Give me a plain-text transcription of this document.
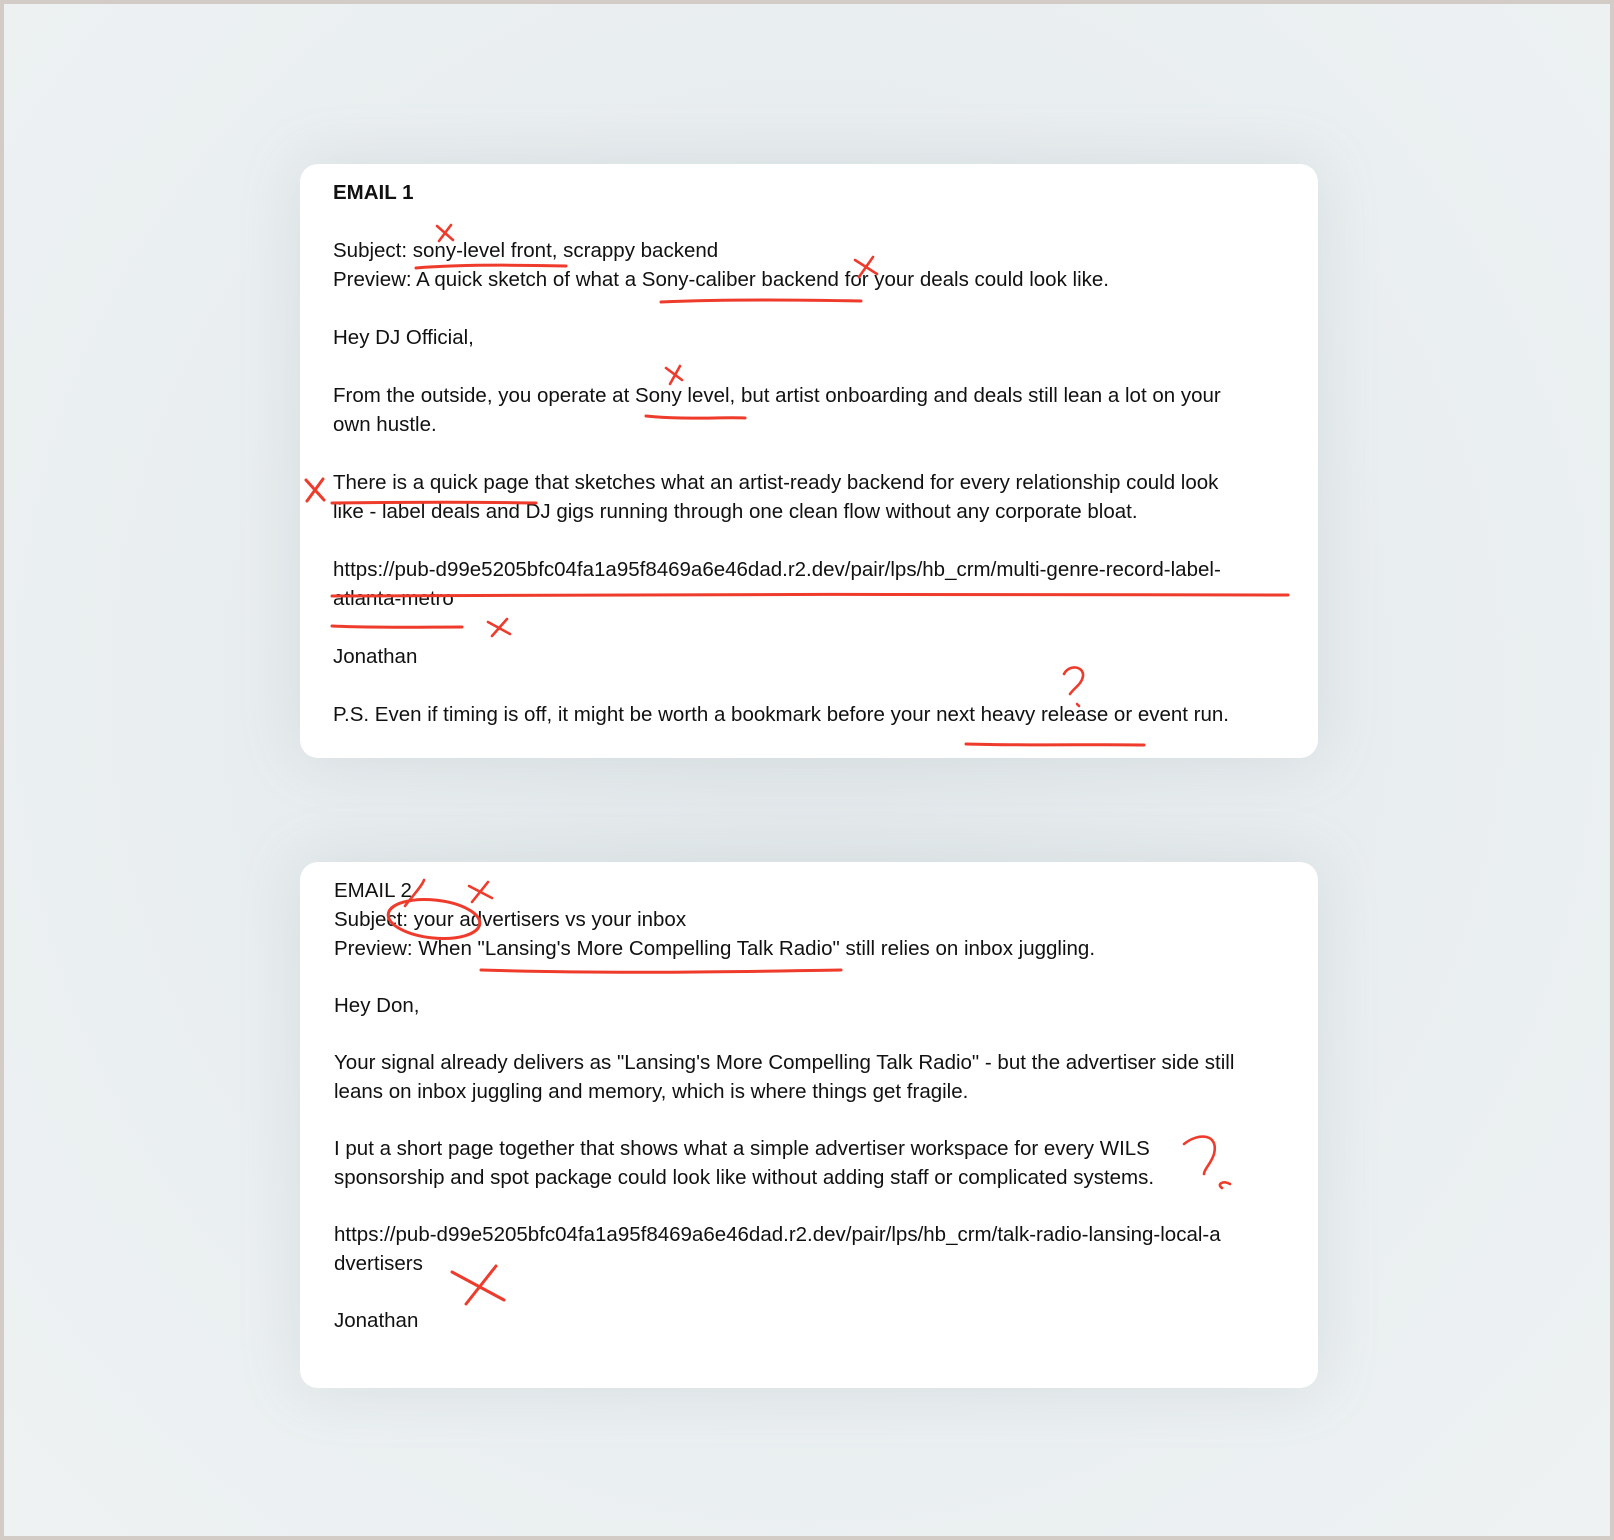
EMAIL 1
Subject: sony-level front, scrappy backend
Preview: A quick sketch of what a Sony-caliber backend for your deals could look like.
Hey DJ Official,
From the outside, you operate at Sony level, but artist onboarding and deals still lean a lot on your
own hustle.
There is a quick page that sketches what an artist-ready backend for every relationship could look
like - label deals and DJ gigs running through one clean flow without any corporate bloat.
https://pub-d99e5205bfc04fa1a95f8469a6e46dad.r2.dev/pair/lps/hb_crm/multi-genre-record-label-
atlanta-metro
Jonathan
P.S. Even if timing is off, it might be worth a bookmark before your next heavy release or event run.
EMAIL 2
Subject: your advertisers vs your inbox
Preview: When "Lansing's More Compelling Talk Radio" still relies on inbox juggling.
Hey Don,
Your signal already delivers as "Lansing's More Compelling Talk Radio" - but the advertiser side still
leans on inbox juggling and memory, which is where things get fragile.
I put a short page together that shows what a simple advertiser workspace for every WILS
sponsorship and spot package could look like without adding staff or complicated systems.
https://pub-d99e5205bfc04fa1a95f8469a6e46dad.r2.dev/pair/lps/hb_crm/talk-radio-lansing-local-a
dvertisers
Jonathan
